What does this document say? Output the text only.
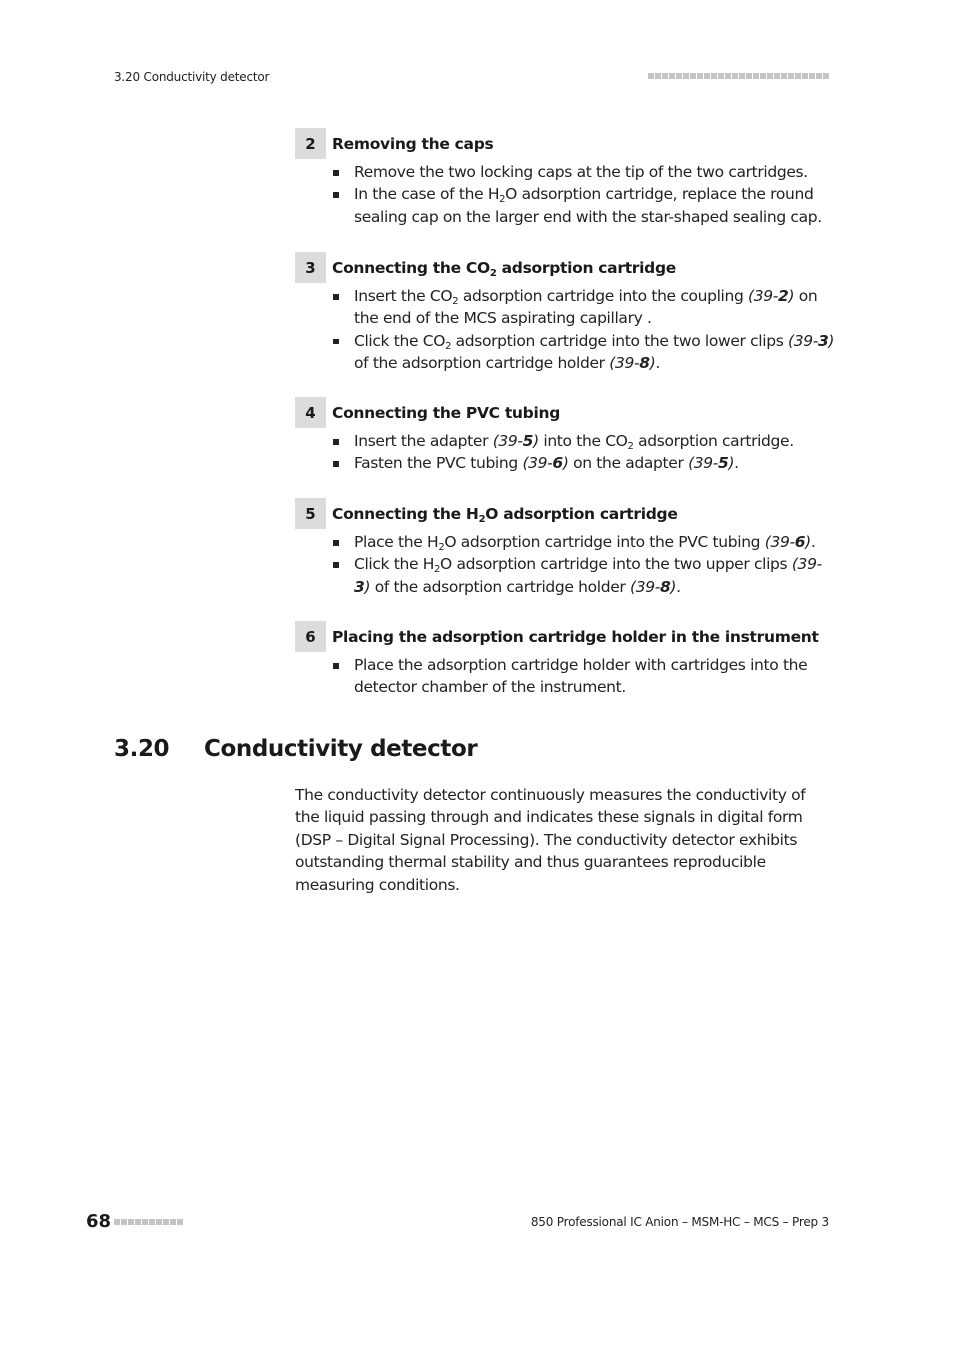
3.20 Conductivity detector
2	Removing the caps
Remove the two locking caps at the tip of the two cartridges.
In the case of the $H_2O$ adsorption cartridge, replace the round sealing cap on the larger end with the star-shaped sealing cap.
3	Connecting the $CO_2$ adsorption cartridge
Insert the $CO_2$ adsorption cartridge into the coupling (39-2) on the end of the MCS aspirating capillary .
Click the $CO_2$ adsorption cartridge into the two lower clips (39-3) of the adsorption cartridge holder (39-8).
4	Connecting the PVC tubing
Insert the adapter (39-5) into the $CO_2$ adsorption cartridge.
Fasten the PVC tubing (39-6) on the adapter (39-5).
5	Connecting the $H_2O$ adsorption cartridge
Place the $H_2O$ adsorption cartridge into the PVC tubing (39-6).
Click the $H_2O$ adsorption cartridge into the two upper clips (39-3) of the adsorption cartridge holder (39-8).
6	Placing the adsorption cartridge holder in the instrument
Place the adsorption cartridge holder with cartridges into the detector chamber of the instrument.
3.20	Conductivity detector

The conductivity detector continuously measures the conductivity of the liquid passing through and indicates these signals in digital form (DSP – Digital Signal Processing). The conductivity detector exhibits outstanding thermal stability and thus guarantees reproducible measuring conditions.

68	850 Professional IC Anion – MSM-HC – MCS – Prep 3
